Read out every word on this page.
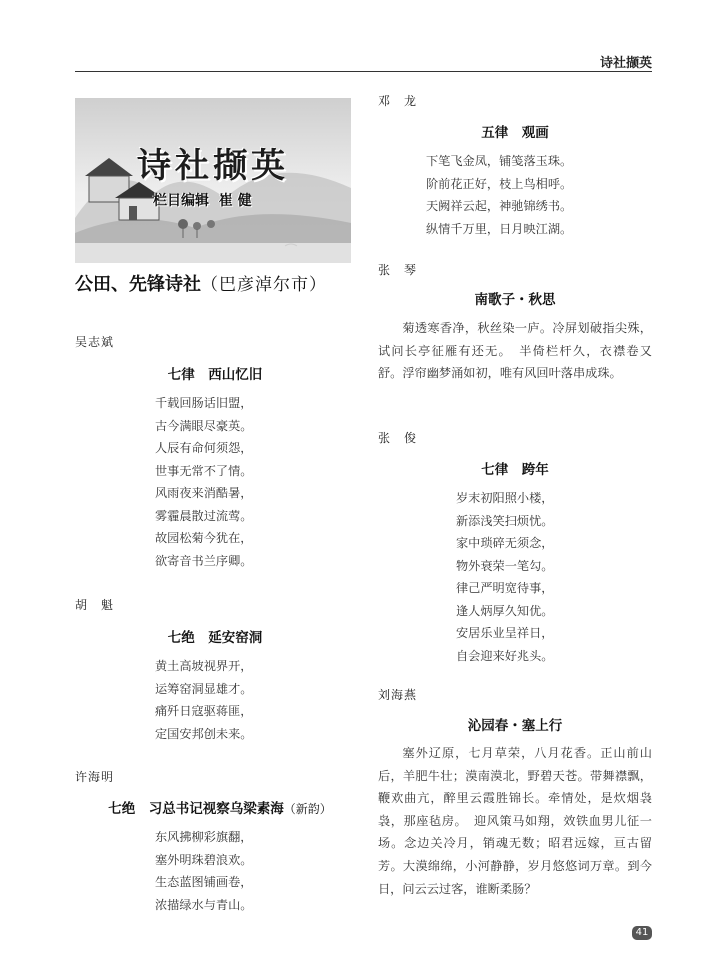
诗社撷英
诗社撷英
栏目编辑  崔 健
公田、先锋诗社（巴彦淖尔市）
吴志斌
七律　西山忆旧
千载回肠话旧盟，
古今满眼尽豪英。
人辰有命何须怨，
世事无常不了情。
风雨夜来消酷暑，
雾霾晨散过流莺。
故园松菊今犹在，
欲寄音书兰序卿。
胡　魁
七绝　延安窑洞
黄土高坡视界开，
运筹窑洞显雄才。
痛歼日寇驱蒋匪，
定国安邦创未来。
许海明
七绝　习总书记视察乌梁素海（新韵）
东风拂柳彩旗翻，
塞外明珠碧浪欢。
生态蓝图铺画卷，
浓描绿水与青山。
邓　龙
五律　观画
下笔飞金凤，铺笺落玉珠。
阶前花正好，枝上鸟相呼。
天阙祥云起，神驰锦绣书。
纵情千万里，日月映江湖。
张　琴
南歌子・秋思
菊透寒香净，秋丝染一庐。冷屏划破指尖殊，试问长亭征雁有还无。　半倚栏杆久，衣襟卷又舒。浮帘幽梦涌如初，唯有风回叶落串成珠。
张　俊
七律　跨年
岁末初阳照小楼，
新添浅笑扫烦忧。
家中琐碎无须念，
物外衰荣一笔勾。
律己严明宽待事，
逢人炳厚久知优。
安居乐业呈祥日，
自会迎来好兆头。
刘海燕
沁园春・塞上行
塞外辽原，七月草荣，八月花香。正山前山后，羊肥牛壮；漠南漠北，野碧天苍。带舞襟飘，鞭欢曲亢，醉里云霞胜锦长。牵情处，是炊烟袅袅，那座毡房。　迎风策马如翔，效铁血男儿征一场。念边关冷月，销魂无数；昭君远嫁，亘古留芳。大漠绵绵，小河静静，岁月悠悠词万章。到今日，问云云过客，谁断柔肠？
41
